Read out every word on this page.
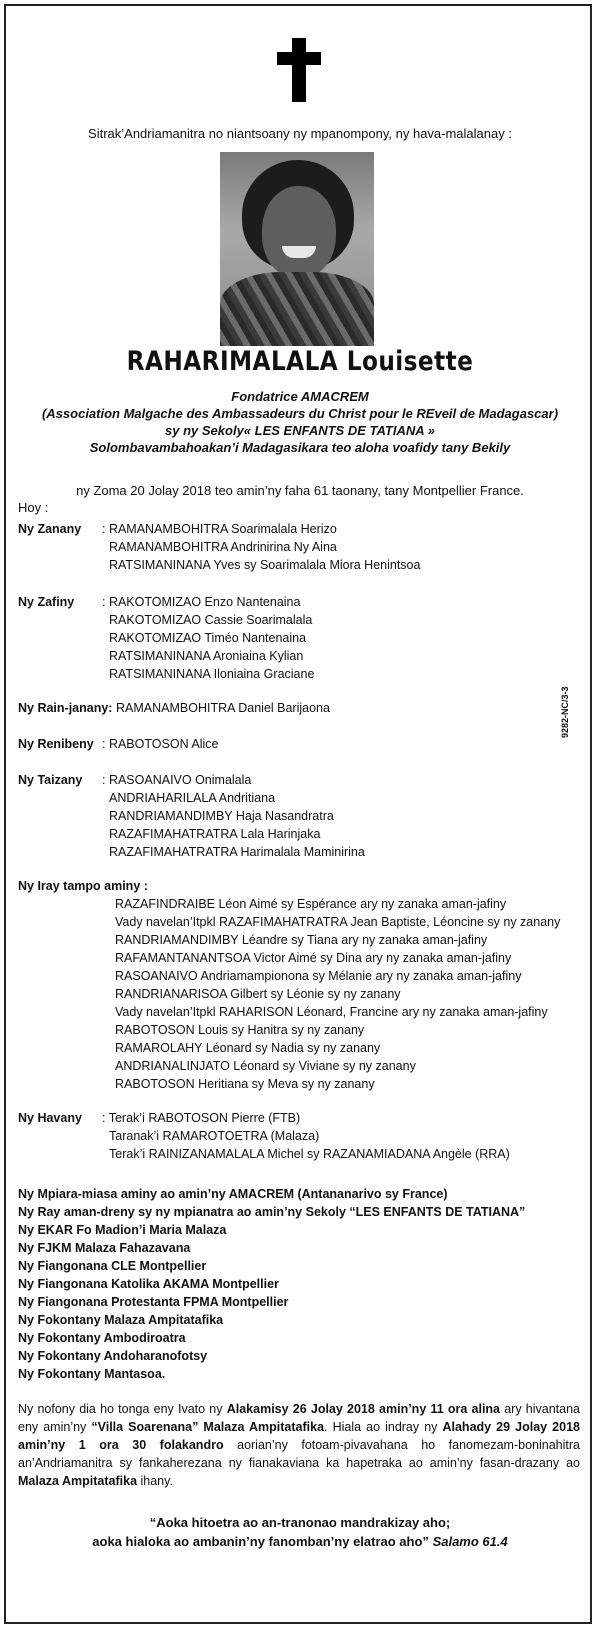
Sitrak’Andriamanitra no niantsoany ny mpanompony, ny hava-malalanay :
RAHARIMALALA Louisette
Fondatrice AMACREM
(Association Malgache des Ambassadeurs du Christ pour le REveil de Madagascar)
sy ny Sekoly« LES ENFANTS DE TATIANA »
Solombavambahoakan’i Madagasikara teo aloha voafidy tany Bekily
ny Zoma 20 Jolay 2018 teo amin’ny faha 61 taonany, tany Montpellier France.
Hoy :
Ny Zanany : RAMANAMBOHITRA Soarimalala Herizo
RAMANAMBOHITRA Andrinirina Ny Aina
RATSIMANINANA Yves sy Soarimalala Miora Henintsoa
Ny Zafiny : RAKOTOMIZAO Enzo Nantenaina
RAKOTOMIZAO Cassie Soarimalala
RAKOTOMIZAO Timéo Nantenaina
RATSIMANINANA Aroniaina Kylian
RATSIMANINANA Iloniaina Graciane
Ny Rain-janany: RAMANAMBOHITRA Daniel Barijaona
Ny Renibeny : RABOTOSON Alice
Ny Taizany : RASOANAIVO Onimalala
ANDRIAHARILALA Andritiana
RANDRIAMANDIMBY Haja Nasandratra
RAZAFIMAHATRATRA Lala Harinjaka
RAZAFIMAHATRATRA Harimalala Maminirina
Ny Iray tampo aminy :
RAZAFINDRAIBE Léon Aimé sy Espérance ary ny zanaka aman-jafiny
Vady navelan’Itpkl RAZAFIMAHATRATRA Jean Baptiste, Léoncine sy ny zanany
RANDRIAMANDIMBY Léandre sy Tiana ary ny zanaka aman-jafiny
RAFAMANTANANTSOA Victor Aimé sy Dina ary ny zanaka aman-jafiny
RASOANAIVO Andriamampionona sy Mélanie ary ny zanaka aman-jafiny
RANDRIANARISOA Gilbert sy Léonie sy ny zanany
Vady navelan’Itpkl RAHARISON Léonard, Francine ary ny zanaka aman-jafiny
RABOTOSON Louis sy Hanitra sy ny zanany
RAMAROLAHY Léonard sy Nadia sy ny zanany
ANDRIANALINJATO Léonard sy Viviane sy ny zanany
RABOTOSON Heritiana sy Meva sy ny zanany
Ny Havany : Terak’i RABOTOSON Pierre (FTB)
Taranak’i RAMAROTOETRA (Malaza)
Terak’i RAINIZANAMALALA Michel sy RAZANAMIADANA Angèle (RRA)
9282-NC/3-3
Ny Mpiara-miasa aminy ao amin’ny AMACREM (Antananarivo sy France)
Ny Ray aman-dreny sy ny mpianatra ao amin’ny Sekoly “LES ENFANTS DE TATIANA”
Ny EKAR Fo Madion’i Maria Malaza
Ny FJKM Malaza Fahazavana
Ny Fiangonana CLE Montpellier
Ny Fiangonana Katolika AKAMA Montpellier
Ny Fiangonana Protestanta FPMA Montpellier
Ny Fokontany Malaza Ampitatafika
Ny Fokontany Ambodiroatra
Ny Fokontany Andoharanofotsy
Ny Fokontany Mantasoa.
Ny nofony dia ho tonga eny Ivato ny Alakamisy 26 Jolay 2018 amin’ny 11 ora alina ary hivantana eny amin’ny “Villa Soarenana” Malaza Ampitatafika. Hiala ao indray ny Alahady 29 Jolay 2018 amin’ny 1 ora 30 folakandro aorian’ny fotoam-pivavahana ho fanomezam-boninahitra an’Andriamanitra sy fankaherezana ny fianakaviana ka hapetraka ao amin’ny fasan-drazany ao Malaza Ampitatafika ihany.
“Aoka hitoetra ao an-tranonao mandrakizay aho;
aoka hialoka ao ambanin’ny fanomban’ny elatrao aho” Salamo 61.4
